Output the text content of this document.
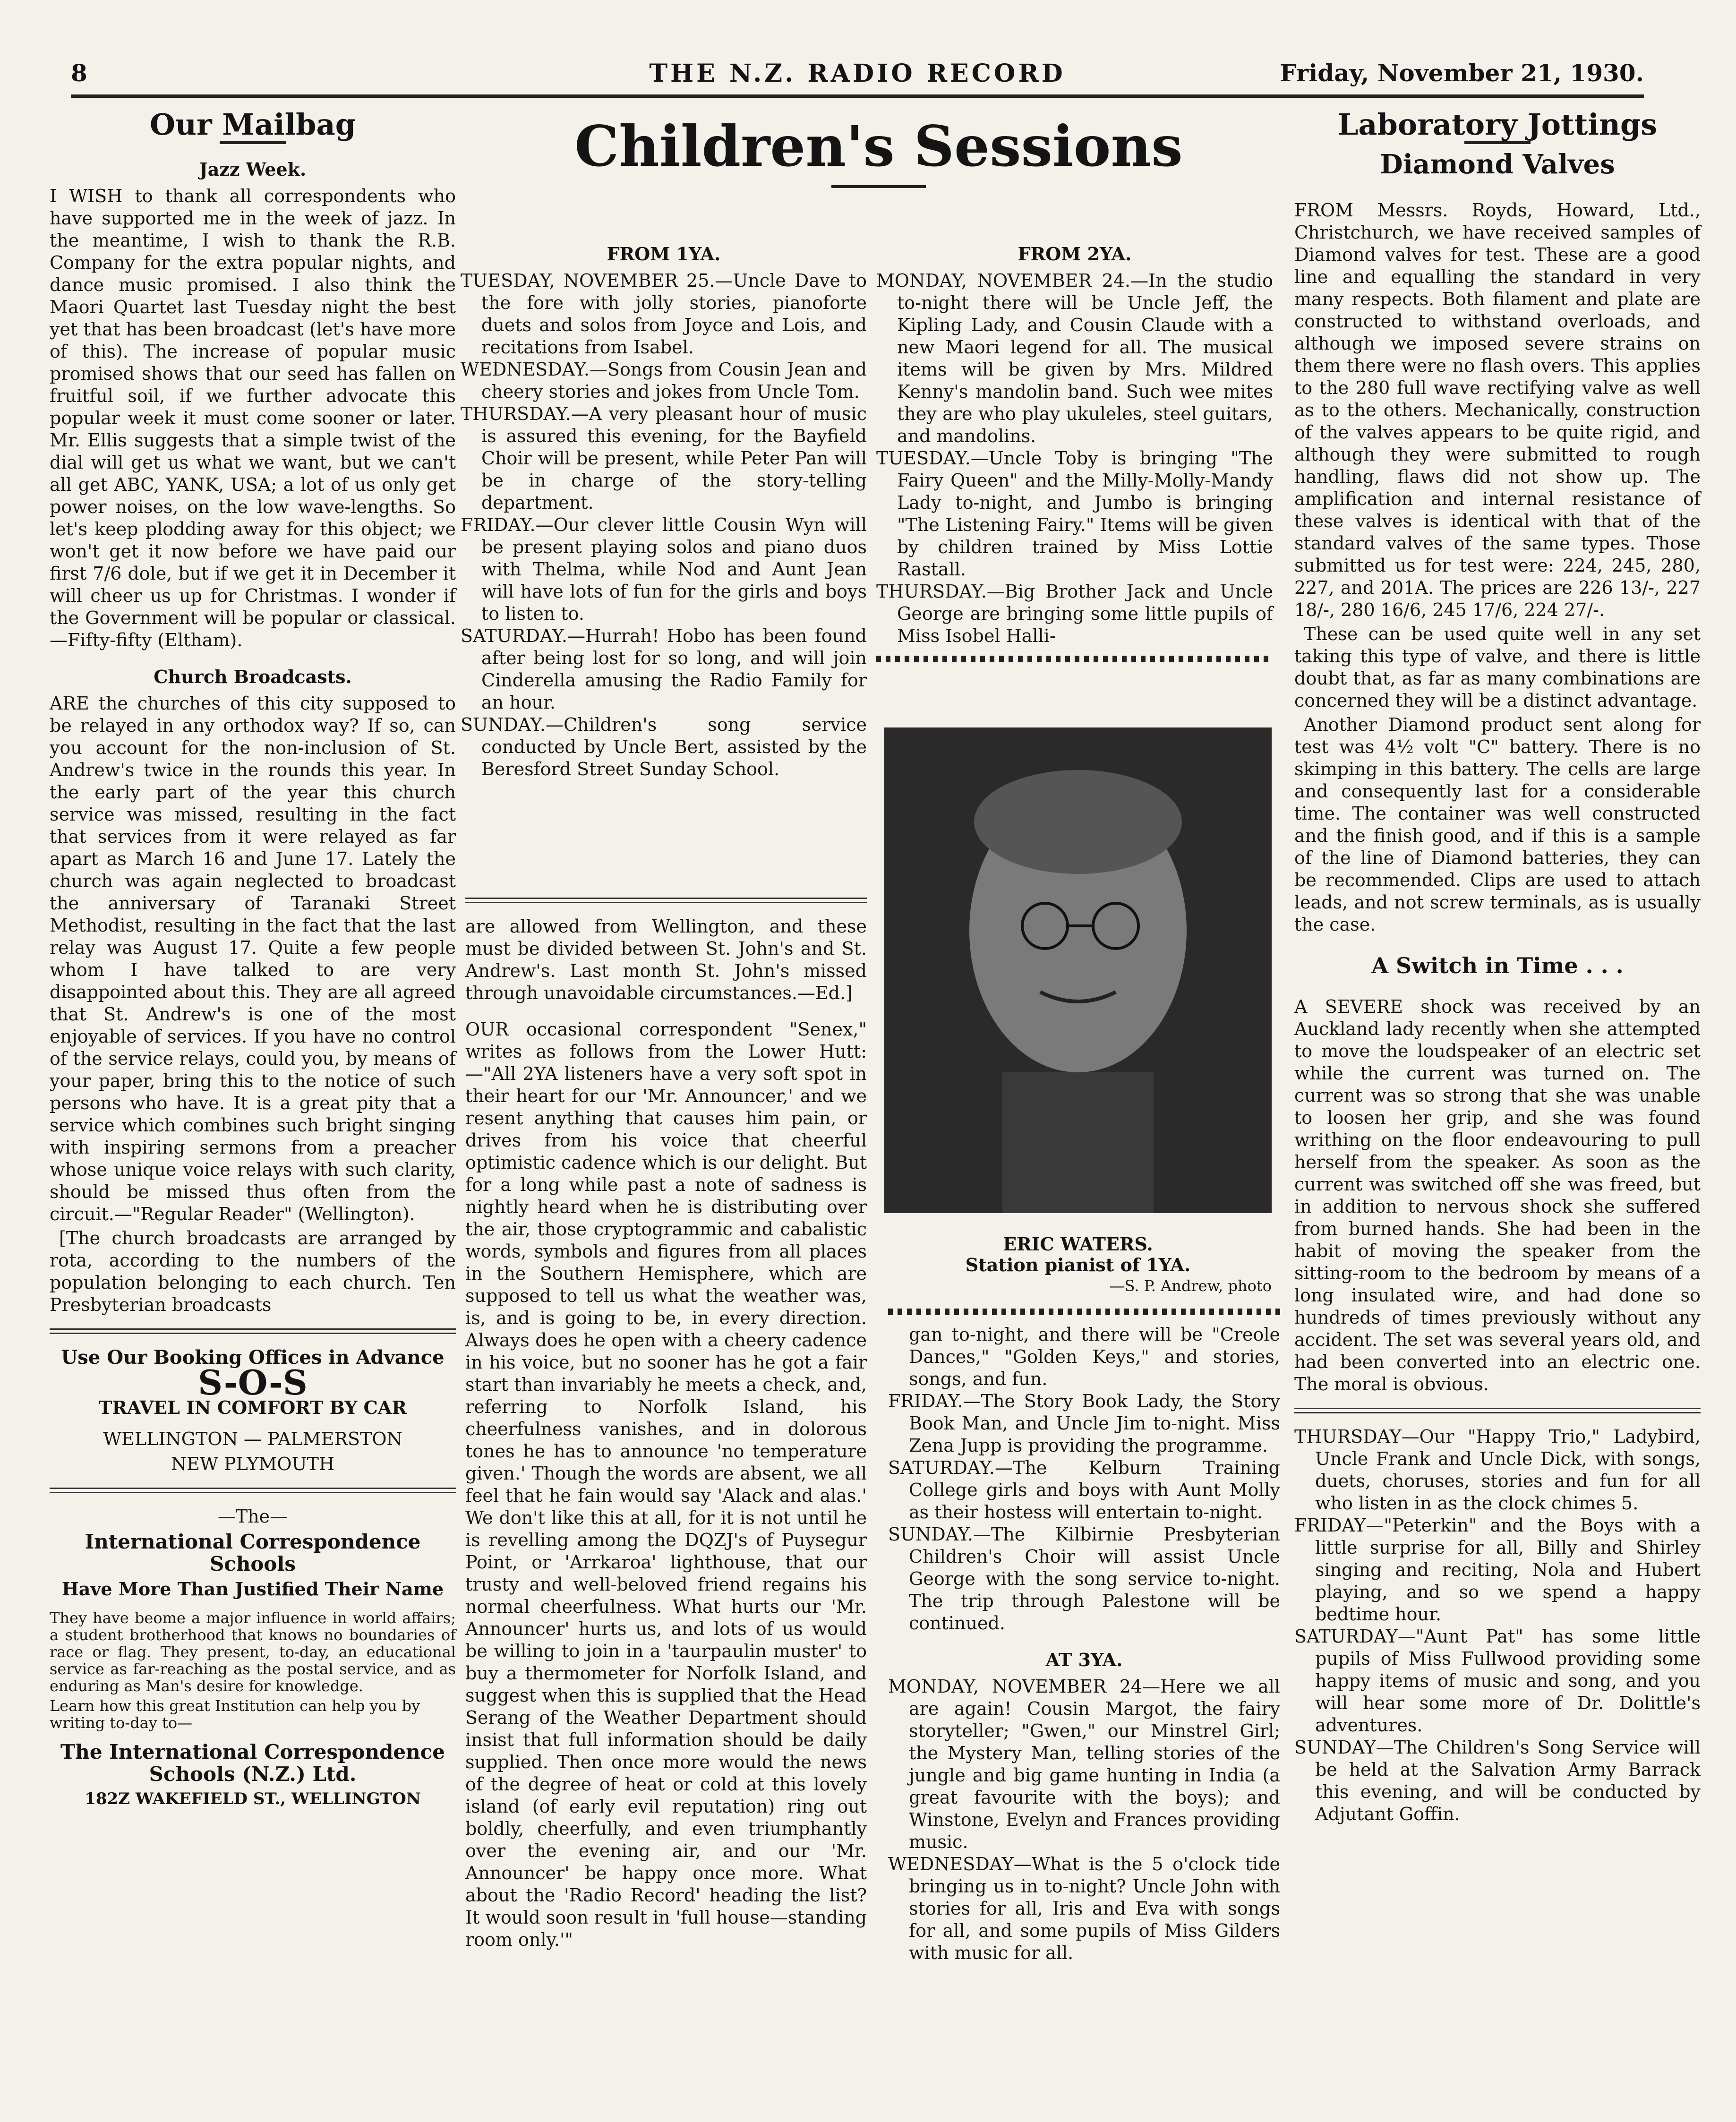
8	THE N.Z. RADIO RECORD	Friday, November 21, 1930.
Our Mailbag
Jazz Week.

I WISH to thank all correspondents who have supported me in the week of jazz. In the meantime, I wish to thank the R.B. Company for the extra popular nights, and dance music promised. I also think the Maori Quartet last Tuesday night the best yet that has been broadcast (let's have more of this). The increase of popular music promised shows that our seed has fallen on fruitful soil, if we further advocate this popular week it must come sooner or later. Mr. Ellis suggests that a simple twist of the dial will get us what we want, but we can't all get ABC, YANK, USA; a lot of us only get power noises, on the low wave-lengths. So let's keep plodding away for this object; we won't get it now before we have paid our first 7/6 dole, but if we get it in December it will cheer us up for Christmas. I wonder if the Government will be popular or classical.—Fifty-fifty (Eltham).

Church Broadcasts.

ARE the churches of this city supposed to be relayed in any orthodox way? If so, can you account for the non-inclusion of St. Andrew's twice in the rounds this year. In the early part of the year this church service was missed, resulting in the fact that services from it were relayed as far apart as March 16 and June 17. Lately the church was again neglected to broadcast the anniversary of Taranaki Street Methodist, resulting in the fact that the last relay was August 17. Quite a few people whom I have talked to are very disappointed about this. They are all agreed that St. Andrew's is one of the most enjoyable of services. If you have no control of the service relays, could you, by means of your paper, bring this to the notice of such persons who have. It is a great pity that a service which combines such bright singing with inspiring sermons from a preacher whose unique voice relays with such clarity, should be missed thus often from the circuit.—"Regular Reader" (Wellington).

[The church broadcasts are arranged by rota, according to the numbers of the population belonging to each church. Ten Presbyterian broadcasts

Use Our Booking Offices in Advance

S-O-S

TRAVEL IN COMFORT BY CAR

WELLINGTON — PALMERSTON

NEW PLYMOUTH

—The—

International Correspondence Schools

Have More Than Justified Their Name

They have beome a major influence in world affairs; a student brotherhood that knows no boundaries of race or flag. They present, to-day, an educational service as far-reaching as the postal service, and as enduring as Man's desire for knowledge.

Learn how this great Institution can help you by writing to-day to—

The International Correspondence Schools (N.Z.) Ltd.

182Z WAKEFIELD ST., WELLINGTON

Children's Sessions
FROM 1YA.

TUESDAY, NOVEMBER 25.—Uncle Dave to the fore with jolly stories, pianoforte duets and solos from Joyce and Lois, and recitations from Isabel.

WEDNESDAY.—Songs from Cousin Jean and cheery stories and jokes from Uncle Tom.

THURSDAY.—A very pleasant hour of music is assured this evening, for the Bayfield Choir will be present, while Peter Pan will be in charge of the story-telling department.

FRIDAY.—Our clever little Cousin Wyn will be present playing solos and piano duos with Thelma, while Nod and Aunt Jean will have lots of fun for the girls and boys to listen to.

SATURDAY.—Hurrah! Hobo has been found after being lost for so long, and will join Cinderella amusing the Radio Family for an hour.

SUNDAY.—Children's song service conducted by Uncle Bert, assisted by the Beresford Street Sunday School.

are allowed from Wellington, and these must be divided between St. John's and St. Andrew's. Last month St. John's missed through unavoidable circumstances.—Ed.]

OUR occasional correspondent "Senex," writes as follows from the Lower Hutt:—"All 2YA listeners have a very soft spot in their heart for our 'Mr. Announcer,' and we resent anything that causes him pain, or drives from his voice that cheerful optimistic cadence which is our delight. But for a long while past a note of sadness is nightly heard when he is distributing over the air, those cryptogrammic and cabalistic words, symbols and figures from all places in the Southern Hemisphere, which are supposed to tell us what the weather was, is, and is going to be, in every direction. Always does he open with a cheery cadence in his voice, but no sooner has he got a fair start than invariably he meets a check, and, referring to Norfolk Island, his cheerfulness vanishes, and in dolorous tones he has to announce 'no temperature given.' Though the words are absent, we all feel that he fain would say 'Alack and alas.' We don't like this at all, for it is not until he is revelling among the DQZJ's of Puysegur Point, or 'Arrkaroa' lighthouse, that our trusty and well-beloved friend regains his normal cheerfulness. What hurts our 'Mr. Announcer' hurts us, and lots of us would be willing to join in a 'taurpaulin muster' to buy a thermometer for Norfolk Island, and suggest when this is supplied that the Head Serang of the Weather Department should insist that full information should be daily supplied. Then once more would the news of the degree of heat or cold at this lovely island (of early evil reputation) ring out boldly, cheerfully, and even triumphantly over the evening air, and our 'Mr. Announcer' be happy once more. What about the 'Radio Record' heading the list? It would soon result in 'full house—standing room only.'"

FROM 2YA.

MONDAY, NOVEMBER 24.—In the studio to-night there will be Uncle Jeff, the Kipling Lady, and Cousin Claude with a new Maori legend for all. The musical items will be given by Mrs. Mildred Kenny's mandolin band. Such wee mites they are who play ukuleles, steel guitars, and mandolins.

TUESDAY.—Uncle Toby is bringing "The Fairy Queen" and the Milly-Molly-Mandy Lady to-night, and Jumbo is bringing "The Listening Fairy." Items will be given by children trained by Miss Lottie Rastall.

THURSDAY.—Big Brother Jack and Uncle George are bringing some little pupils of Miss Isobel Halli-

ERIC WATERS.
Station pianist of 1YA.
—S. P. Andrew, photo

gan to-night, and there will be "Creole Dances," "Golden Keys," and stories, songs, and fun.

FRIDAY.—The Story Book Lady, the Story Book Man, and Uncle Jim to-night. Miss Zena Jupp is providing the programme.

SATURDAY.—The Kelburn Training College girls and boys with Aunt Molly as their hostess will entertain to-night.

SUNDAY.—The Kilbirnie Presbyterian Children's Choir will assist Uncle George with the song service to-night. The trip through Palestone will be continued.

AT 3YA.

MONDAY, NOVEMBER 24—Here we all are again! Cousin Margot, the fairy storyteller; "Gwen," our Minstrel Girl; the Mystery Man, telling stories of the jungle and big game hunting in India (a great favourite with the boys); and Winstone, Evelyn and Frances providing music.

WEDNESDAY—What is the 5 o'clock tide bringing us in to-night? Uncle John with stories for all, Iris and Eva with songs for all, and some pupils of Miss Gilders with music for all.

Laboratory Jottings
Diamond Valves

FROM Messrs. Royds, Howard, Ltd., Christchurch, we have received samples of Diamond valves for test. These are a good line and equalling the standard in very many respects. Both filament and plate are constructed to withstand overloads, and although we imposed severe strains on them there were no flash overs. This applies to the 280 full wave rectifying valve as well as to the others. Mechanically, construction of the valves appears to be quite rigid, and although they were submitted to rough handling, flaws did not show up. The amplification and internal resistance of these valves is identical with that of the standard valves of the same types. Those submitted us for test were: 224, 245, 280, 227, and 201A. The prices are 226 13/-, 227 18/-, 280 16/6, 245 17/6, 224 27/-.

These can be used quite well in any set taking this type of valve, and there is little doubt that, as far as many combinations are concerned they will be a distinct advantage.

Another Diamond product sent along for test was 4½ volt "C" battery. There is no skimping in this battery. The cells are large and consequently last for a considerable time. The container was well constructed and the finish good, and if this is a sample of the line of Diamond batteries, they can be recommended. Clips are used to attach leads, and not screw terminals, as is usually the case.

A Switch in Time . . .

A SEVERE shock was received by an Auckland lady recently when she attempted to move the loudspeaker of an electric set while the current was turned on. The current was so strong that she was unable to loosen her grip, and she was found writhing on the floor endeavouring to pull herself from the speaker. As soon as the current was switched off she was freed, but in addition to nervous shock she suffered from burned hands. She had been in the habit of moving the speaker from the sitting-room to the bedroom by means of a long insulated wire, and had done so hundreds of times previously without any accident. The set was several years old, and had been converted into an electric one. The moral is obvious.

THURSDAY—Our "Happy Trio," Ladybird, Uncle Frank and Uncle Dick, with songs, duets, choruses, stories and fun for all who listen in as the clock chimes 5.

FRIDAY—"Peterkin" and the Boys with a little surprise for all, Billy and Shirley singing and reciting, Nola and Hubert playing, and so we spend a happy bedtime hour.

SATURDAY—"Aunt Pat" has some little pupils of Miss Fullwood providing some happy items of music and song, and you will hear some more of Dr. Dolittle's adventures.

SUNDAY—The Children's Song Service will be held at the Salvation Army Barrack this evening, and will be conducted by Adjutant Goffin.
